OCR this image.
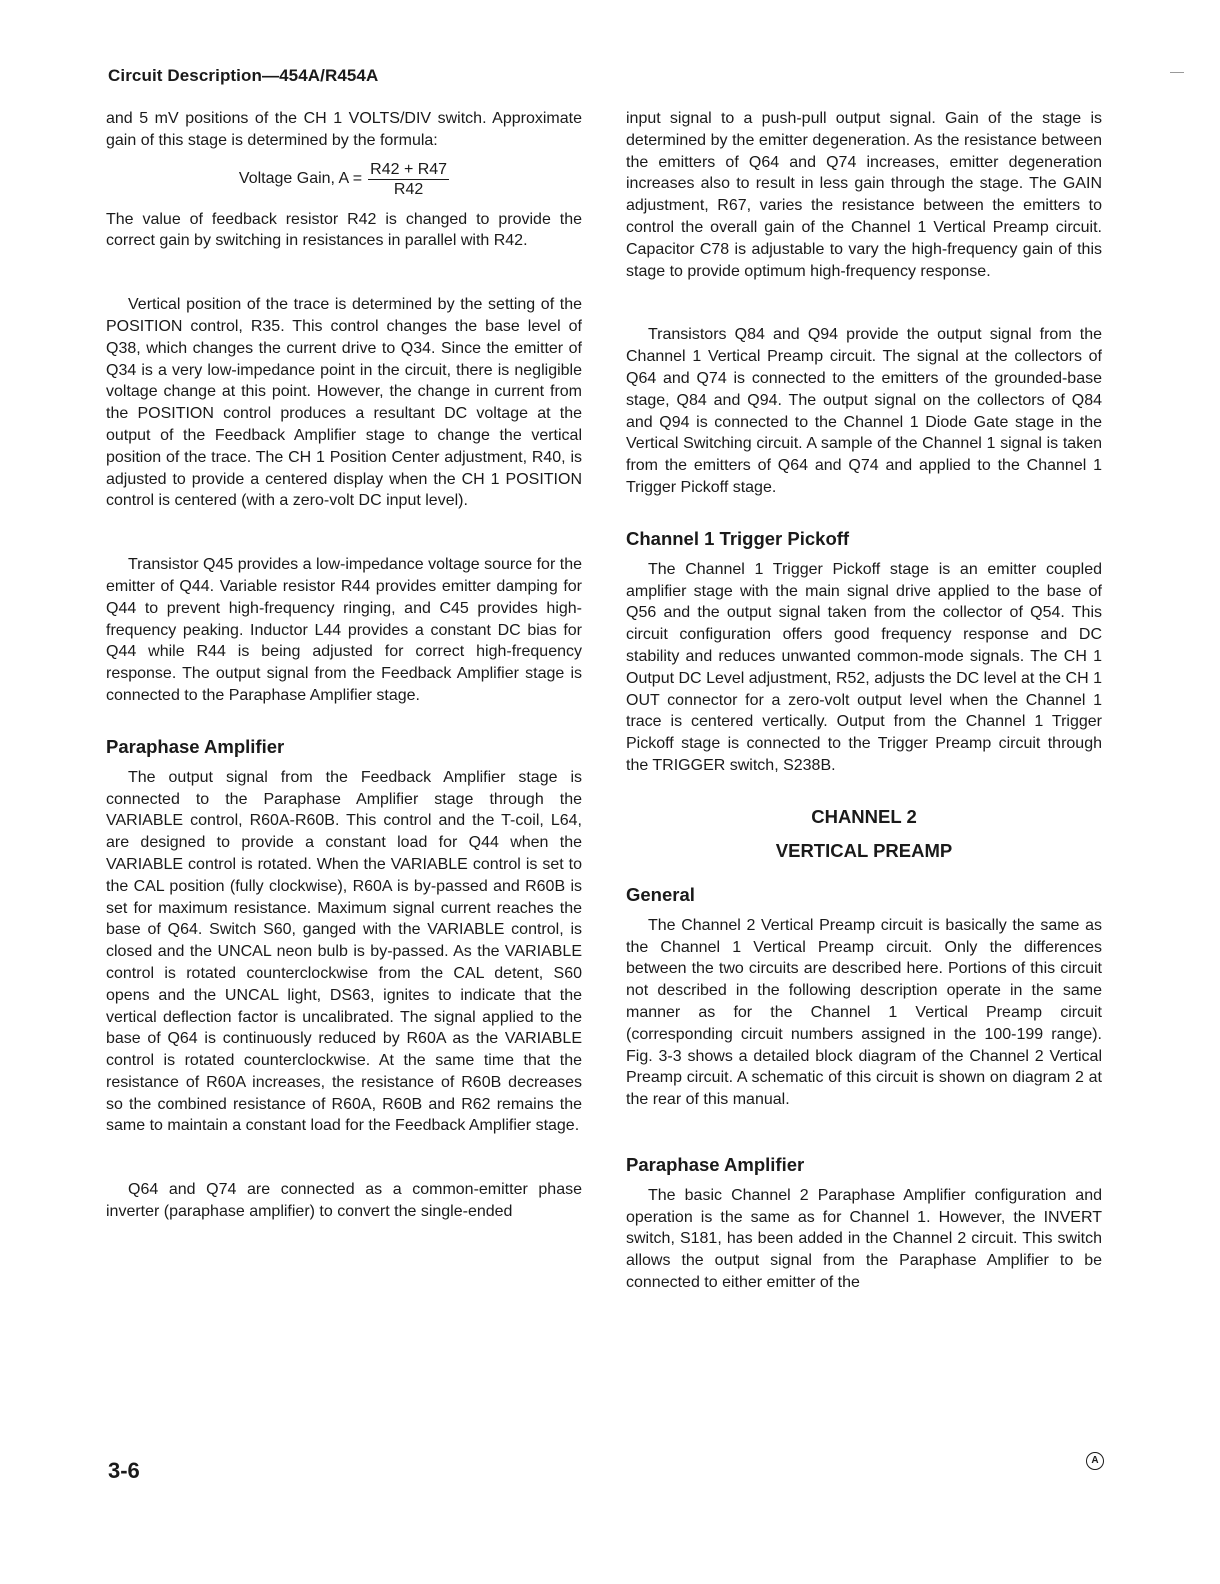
Circuit Description—454A/R454A

and 5 mV positions of the CH 1 VOLTS/DIV switch. Approximate gain of this stage is determined by the formula:

Voltage Gain, $A = \frac{R42 + R47}{R42}$

The value of feedback resistor R42 is changed to provide the correct gain by switching in resistances in parallel with R42.

Vertical position of the trace is determined by the setting of the POSITION control, R35. This control changes the base level of Q38, which changes the current drive to Q34. Since the emitter of Q34 is a very low-impedance point in the circuit, there is negligible voltage change at this point. However, the change in current from the POSITION control produces a resultant DC voltage at the output of the Feedback Amplifier stage to change the vertical position of the trace. The CH 1 Position Center adjustment, R40, is adjusted to provide a centered display when the CH 1 POSITION control is centered (with a zero-volt DC input level).

Transistor Q45 provides a low-impedance voltage source for the emitter of Q44. Variable resistor R44 provides emitter damping for Q44 to prevent high-frequency ringing, and C45 provides high-frequency peaking. Inductor L44 provides a constant DC bias for Q44 while R44 is being adjusted for correct high-frequency response. The output signal from the Feedback Amplifier stage is connected to the Paraphase Amplifier stage.

Paraphase Amplifier

The output signal from the Feedback Amplifier stage is connected to the Paraphase Amplifier stage through the VARIABLE control, R60A-R60B. This control and the T-coil, L64, are designed to provide a constant load for Q44 when the VARIABLE control is rotated. When the VARIABLE control is set to the CAL position (fully clockwise), R60A is by-passed and R60B is set for maximum resistance. Maximum signal current reaches the base of Q64. Switch S60, ganged with the VARIABLE control, is closed and the UNCAL neon bulb is by-passed. As the VARIABLE control is rotated counterclockwise from the CAL detent, S60 opens and the UNCAL light, DS63, ignites to indicate that the vertical deflection factor is uncalibrated. The signal applied to the base of Q64 is continuously reduced by R60A as the VARIABLE control is rotated counterclockwise. At the same time that the resistance of R60A increases, the resistance of R60B decreases so the combined resistance of R60A, R60B and R62 remains the same to maintain a constant load for the Feedback Amplifier stage.

Q64 and Q74 are connected as a common-emitter phase inverter (paraphase amplifier) to convert the single-ended

input signal to a push-pull output signal. Gain of the stage is determined by the emitter degeneration. As the resistance between the emitters of Q64 and Q74 increases, emitter degeneration increases also to result in less gain through the stage. The GAIN adjustment, R67, varies the resistance between the emitters to control the overall gain of the Channel 1 Vertical Preamp circuit. Capacitor C78 is adjustable to vary the high-frequency gain of this stage to provide optimum high-frequency response.

Transistors Q84 and Q94 provide the output signal from the Channel 1 Vertical Preamp circuit. The signal at the collectors of Q64 and Q74 is connected to the emitters of the grounded-base stage, Q84 and Q94. The output signal on the collectors of Q84 and Q94 is connected to the Channel 1 Diode Gate stage in the Vertical Switching circuit. A sample of the Channel 1 signal is taken from the emitters of Q64 and Q74 and applied to the Channel 1 Trigger Pickoff stage.

Channel 1 Trigger Pickoff

The Channel 1 Trigger Pickoff stage is an emitter coupled amplifier stage with the main signal drive applied to the base of Q56 and the output signal taken from the collector of Q54. This circuit configuration offers good frequency response and DC stability and reduces unwanted common-mode signals. The CH 1 Output DC Level adjustment, R52, adjusts the DC level at the CH 1 OUT connector for a zero-volt output level when the Channel 1 trace is centered vertically. Output from the Channel 1 Trigger Pickoff stage is connected to the Trigger Preamp circuit through the TRIGGER switch, S238B.

CHANNEL 2
VERTICAL PREAMP
General

The Channel 2 Vertical Preamp circuit is basically the same as the Channel 1 Vertical Preamp circuit. Only the differences between the two circuits are described here. Portions of this circuit not described in the following description operate in the same manner as for the Channel 1 Vertical Preamp circuit (corresponding circuit numbers assigned in the 100-199 range). Fig. 3-3 shows a detailed block diagram of the Channel 2 Vertical Preamp circuit. A schematic of this circuit is shown on diagram 2 at the rear of this manual.

Paraphase Amplifier

The basic Channel 2 Paraphase Amplifier configuration and operation is the same as for Channel 1. However, the INVERT switch, S181, has been added in the Channel 2 circuit. This switch allows the output signal from the Paraphase Amplifier to be connected to either emitter of the

3-6	A
